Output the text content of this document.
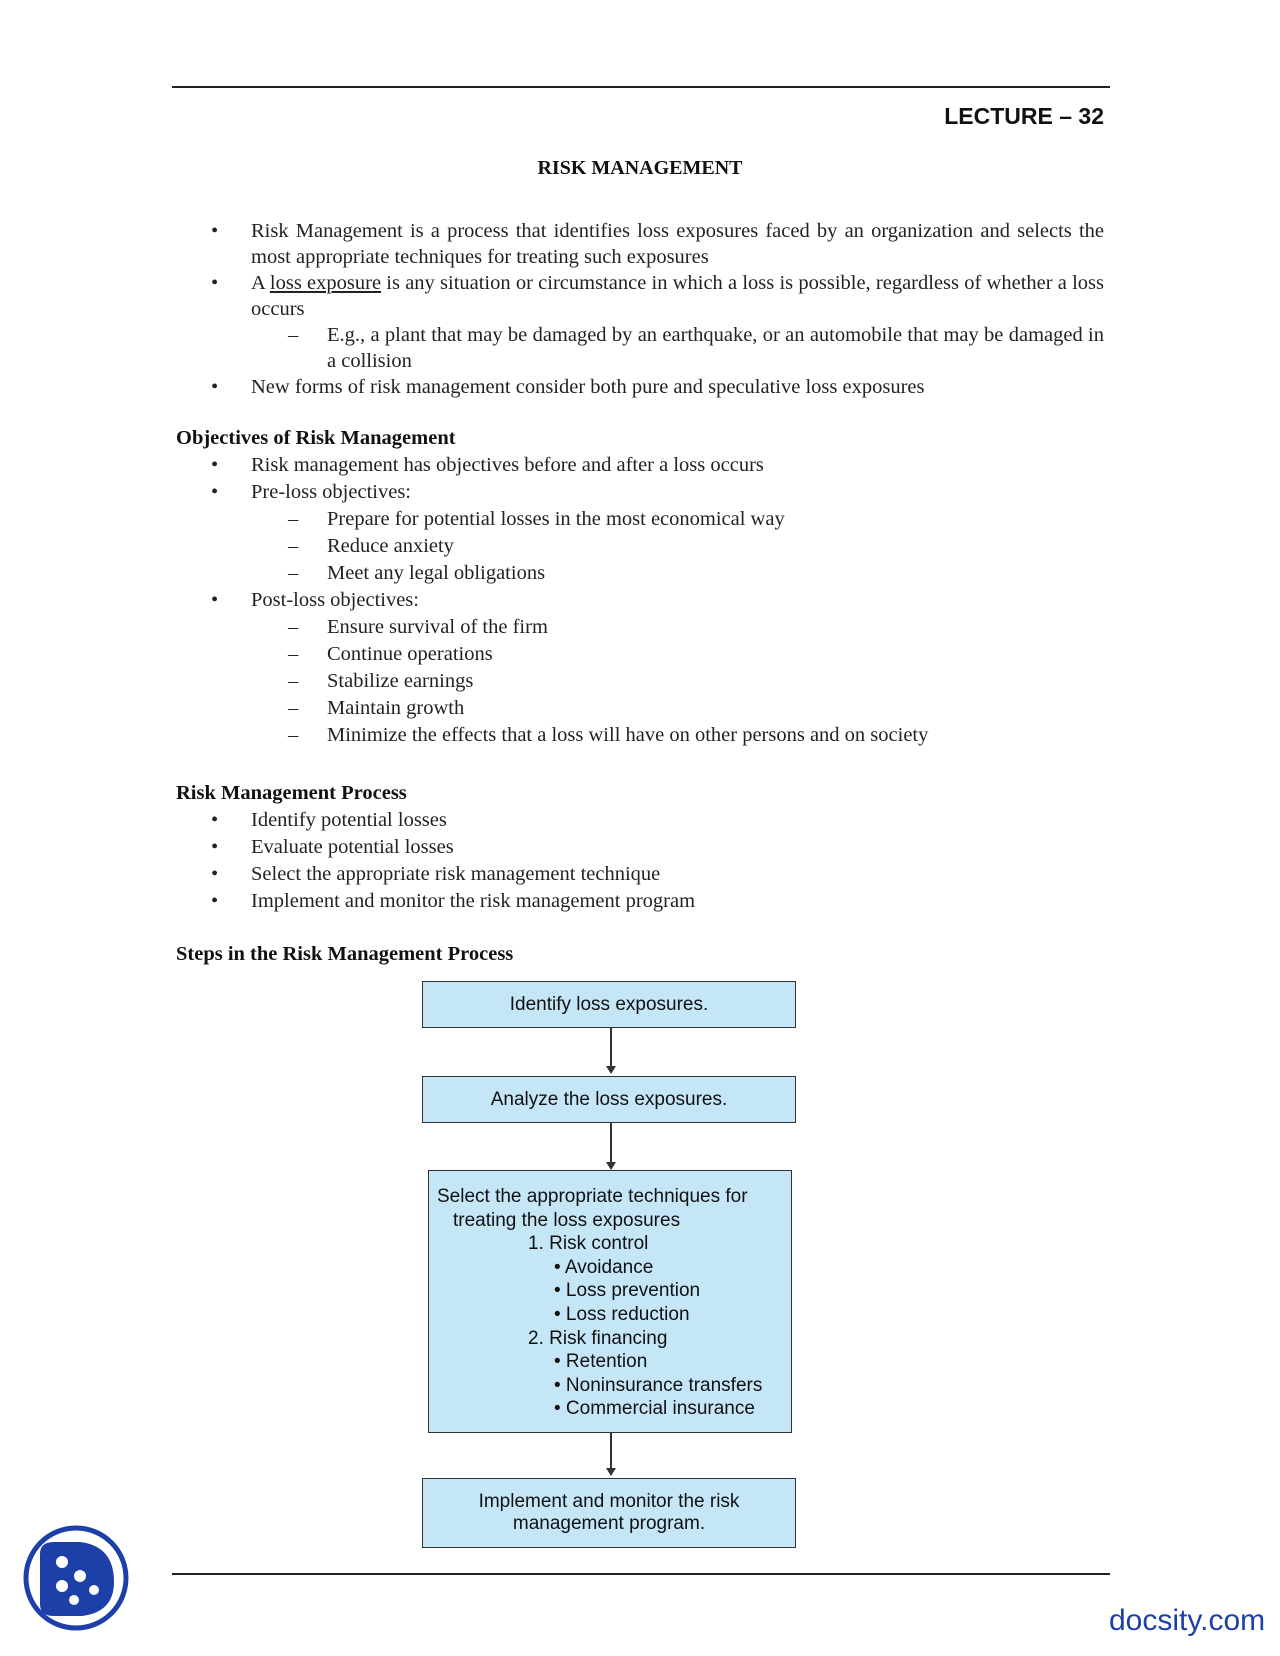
LECTURE – 32
RISK MANAGEMENT
• Risk Management is a process that identifies loss exposures faced by an organization and selects the most appropriate techniques for treating such exposures
• A loss exposure is any situation or circumstance in which a loss is possible, regardless of whether a loss occurs
– E.g., a plant that may be damaged by an earthquake, or an automobile that may be damaged in a collision
• New forms of risk management consider both pure and speculative loss exposures
Objectives of Risk Management
• Risk management has objectives before and after a loss occurs
• Pre-loss objectives:
– Prepare for potential losses in the most economical way
– Reduce anxiety
– Meet any legal obligations
• Post-loss objectives:
– Ensure survival of the firm
– Continue operations
– Stabilize earnings
– Maintain growth
– Minimize the effects that a loss will have on other persons and on society
Risk Management Process
• Identify potential losses
• Evaluate potential losses
• Select the appropriate risk management technique
• Implement and monitor the risk management program
Steps in the Risk Management Process
Identify loss exposures.
Analyze the loss exposures.
Select the appropriate techniques for
treating the loss exposures
1. Risk control
• Avoidance
• Loss prevention
• Loss reduction
2. Risk financing
• Retention
• Noninsurance transfers
• Commercial insurance
Implement and monitor the risk
management program.
docsity.com
